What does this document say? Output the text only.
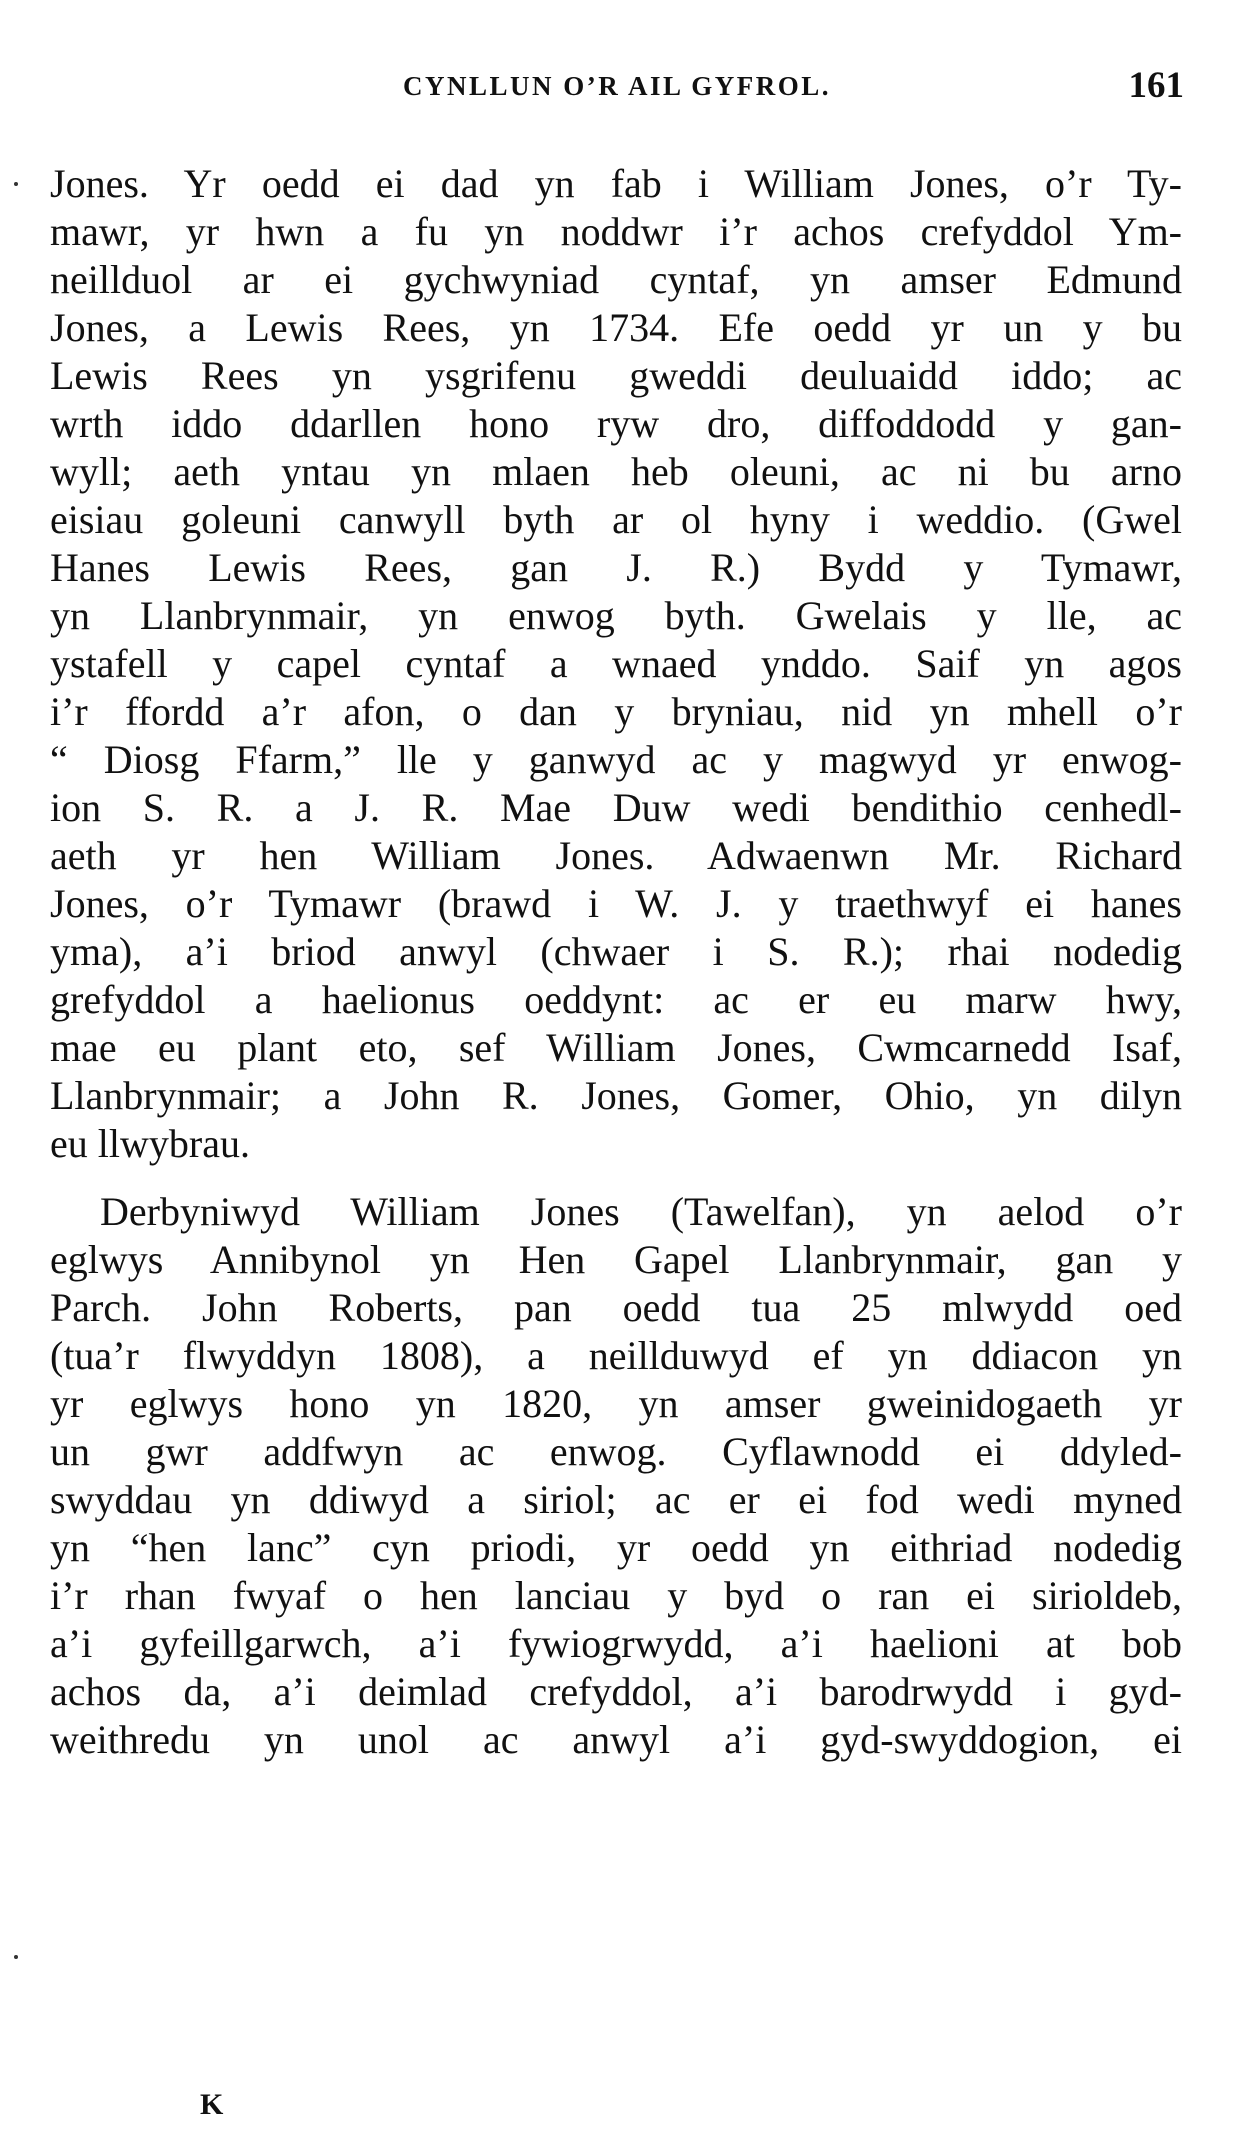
CYNLLUN O’R AIL GYFROL.	161
Jones. Yr oedd ei dad yn fab i William Jones, o’r Ty-
mawr, yr hwn a fu yn noddwr i’r achos crefyddol Ym-
neillduol ar ei gychwyniad cyntaf, yn amser Edmund
Jones, a Lewis Rees, yn 1734. Efe oedd yr un y bu
Lewis Rees yn ysgrifenu gweddi deuluaidd iddo; ac
wrth iddo ddarllen hono ryw dro, diffoddodd y gan-
wyll; aeth yntau yn mlaen heb oleuni, ac ni bu arno
eisiau goleuni canwyll byth ar ol hyny i weddio. (Gwel
Hanes Lewis Rees, gan J. R.) Bydd y Tymawr,
yn Llanbrynmair, yn enwog byth. Gwelais y lle, ac
ystafell y capel cyntaf a wnaed ynddo. Saif yn agos
i’r ffordd a’r afon, o dan y bryniau, nid yn mhell o’r
“ Diosg Ffarm,” lle y ganwyd ac y magwyd yr enwog-
ion S. R. a J. R. Mae Duw wedi bendithio cenhedl-
aeth yr hen William Jones. Adwaenwn Mr. Richard
Jones, o’r Tymawr (brawd i W. J. y traethwyf ei hanes
yma), a’i briod anwyl (chwaer i S. R.); rhai nodedig
grefyddol a haelionus oeddynt: ac er eu marw hwy,
mae eu plant eto, sef William Jones, Cwmcarnedd Isaf,
Llanbrynmair; a John R. Jones, Gomer, Ohio, yn dilyn
eu llwybrau.
Derbyniwyd William Jones (Tawelfan), yn aelod o’r
eglwys Annibynol yn Hen Gapel Llanbrynmair, gan y
Parch. John Roberts, pan oedd tua 25 mlwydd oed
(tua’r flwyddyn 1808), a neillduwyd ef yn ddiacon yn
yr eglwys hono yn 1820, yn amser gweinidogaeth yr
un gwr addfwyn ac enwog. Cyflawnodd ei ddyled-
swyddau yn ddiwyd a siriol; ac er ei fod wedi myned
yn “hen lanc” cyn priodi, yr oedd yn eithriad nodedig
i’r rhan fwyaf o hen lanciau y byd o ran ei sirioldeb,
a’i gyfeillgarwch, a’i fywiogrwydd, a’i haelioni at bob
achos da, a’i deimlad crefyddol, a’i barodrwydd i gyd-
weithredu yn unol ac anwyl a’i gyd-swyddogion, ei
K
